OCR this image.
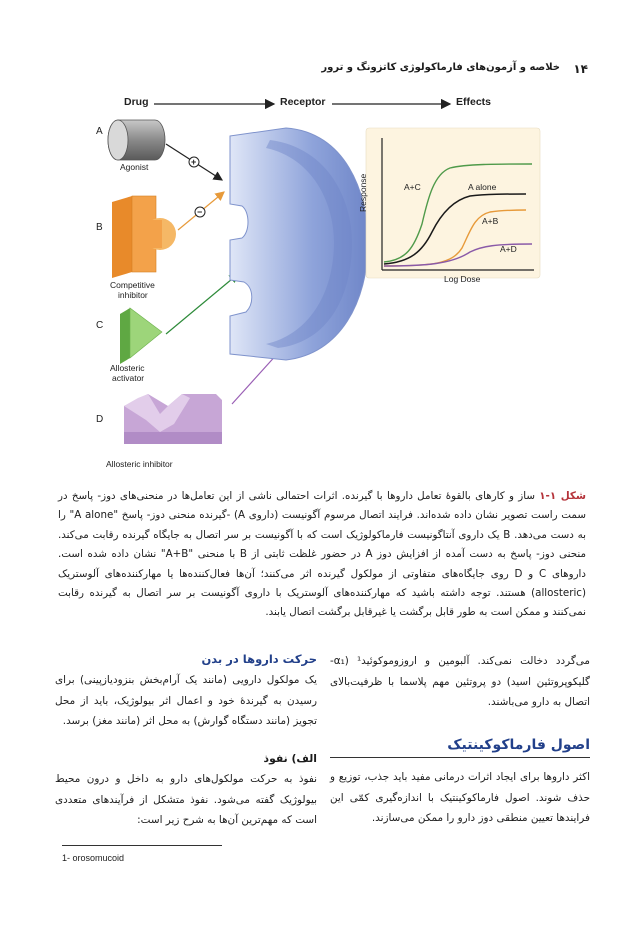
۱۴
خلاصه و آزمون‌های فارماکولوژی کاتزونگ و ترور
Drug	Receptor	Effects
A
Agonist
B
Competitive
inhibitor
C
Allosteric
activator
D
Allosteric inhibitor
+
−	Response
Log Dose
A+C	A alone
A+B
A+D
شکل ۱-۱ ساز و کارهای بالقوهٔ تعامل داروها با گیرنده. اثرات احتمالی ناشی از این تعامل‌ها در منحنی‌های دوز- پاسخ در سمت راست تصویر نشان داده شده‌اند. فرایند اتصال مرسوم آگونیست (داروی A) -گیرنده منحنی دوز- پاسخ "A alone" را به دست می‌دهد. B یک داروی آنتاگونیست فارماکولوژیک است که با آگونیست بر سر اتصال به جایگاه گیرنده رقابت می‌کند. منحنی دوز- پاسخ به دست آمده از افزایش دوز A در حضور غلظت ثابتی از B با منحنی "A+B" نشان داده شده است. داروهای C و D روی جایگاه‌های متفاوتی از مولکول گیرنده اثر می‌کنند؛ آن‌ها فعال‌کننده‌ها یا مهارکننده‌های آلوستریک (allosteric) هستند. توجه داشته باشید که مهارکننده‌های آلوستریک با داروی آگونیست بر سر اتصال به گیرنده رقابت نمی‌کنند و ممکن است به طور قابل برگشت یا غیرقابل برگشت اتصال یابند.
می‌گردد دخالت نمی‌کند. آلبومین و اروزوموکوئید¹ (α₁- گلیکوپروتئین اسید) دو پروتئین مهم پلاسما با ظرفیت‌بالای اتصال به دارو می‌باشند.
اصول فارماکوکینتیک
اکثر داروها برای ایجاد اثرات درمانی مفید باید جذب، توزیع و حذف شوند. اصول فارماکوکینتیک با اندازه‌گیری کمّی این فرایندها تعیین منطقی دوز دارو را ممکن می‌سازند.
حرکت داروها در بدن
یک مولکول دارویی (مانند یک آرام‌بخش بنزودیازپینی) برای رسیدن به گیرندهٔ خود و اعمال اثر بیولوژیک، باید از محل تجویز (مانند دستگاه گوارش) به محل اثر (مانند مغز) برسد.
الف) نفوذ
نفوذ به حرکت مولکول‌های دارو به داخل و درون محیط بیولوژیک گفته می‌شود. نفوذ متشکل از فرآیندهای متعددی است که مهم‌ترین آن‌ها به شرح زیر است:
1- orosomucoid
